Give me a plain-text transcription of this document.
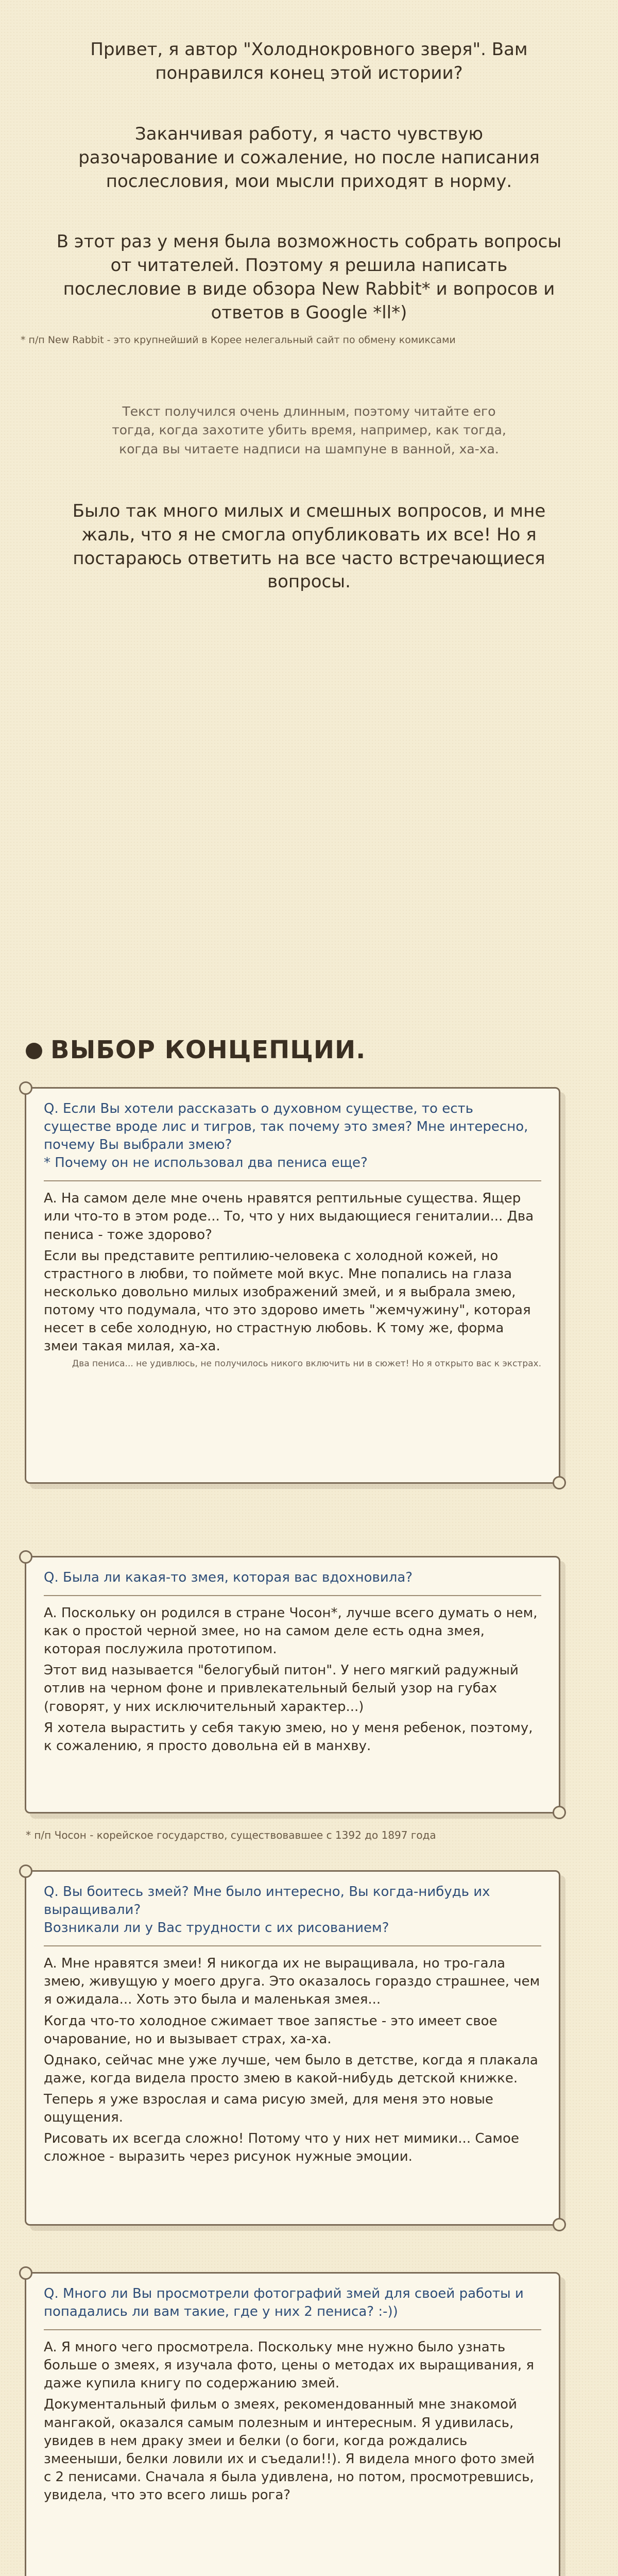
Привет, я автор "Холоднокровного зверя". Вам понравился конец этой истории?
Заканчивая работу, я часто чувствую разочарование и сожаление, но после написания послесловия, мои мысли приходят в норму.
В этот раз у меня была возможность собрать вопросы от читателей. Поэтому я решила написать послесловие в виде обзора New Rabbit* и вопросов и ответов в Google *ll*)
* п/п New Rabbit - это крупнейший в Корее нелегальный сайт по обмену комиксами
Текст получился очень длинным, поэтому читайте его тогда, когда захотите убить время, например, как тогда, когда вы читаете надписи на шампуне в ванной, ха-ха.
Было так много милых и смешных вопросов, и мне жаль, что я не смогла опубликовать их все! Но я постараюсь ответить на все часто встречающиеся вопросы.
ВЫБОР КОНЦЕПЦИИ.
Q. Если Вы хотели рассказать о духовном существе, то есть существе вроде лис и тигров, так почему это змея? Мне интересно, почему Вы выбрали змею?
* Почему он не использовал два пениса еще?

A. На самом деле мне очень нравятся рептильные существа. Ящер или что-то в этом роде... То, что у них выдающиеся гениталии... Два пениса - тоже здорово?

Если вы представите рептилию-человека с холодной кожей, но страстного в любви, то поймете мой вкус. Мне попались на глаза несколько довольно милых изображений змей, и я выбрала змею, потому что подумала, что это здорово иметь "жемчужину", которая несет в себе холодную, но страстную любовь. К тому же, форма змеи такая милая, ха-ха.

Два пениса... не удивлюсь, не получилось никого включить ни в сюжет! Но я открыто вас к экстрах.
Q. Была ли какая-то змея, которая вас вдохновила?

A. Поскольку он родился в стране Чосон*, лучше всего думать о нем, как о простой черной змее, но на самом деле есть одна змея, которая послужила прототипом.

Этот вид называется "белогубый питон". У него мягкий радужный отлив на черном фоне и привлекательный белый узор на губах (говорят, у них исключительный характер...)

Я хотела вырастить у себя такую змею, но у меня ребенок, поэтому, к сожалению, я просто довольна ей в манхву.

* п/п Чосон - корейское государство, существовавшее с 1392 до 1897 года
Q. Вы боитесь змей? Мне было интересно, Вы когда-нибудь их выращивали?
Возникали ли у Вас трудности с их рисованием?

A. Мне нравятся змеи! Я никогда их не выращивала, но тро-гала змею, живущую у моего друга. Это оказалось гораздо страшнее, чем я ожидала... Хоть это была и маленькая змея...

Когда что-то холодное сжимает твое запястье - это имеет свое очарование, но и вызывает страх, ха-ха.

Однако, сейчас мне уже лучше, чем было в детстве, когда я плакала даже, когда видела просто змею в какой-нибудь детской книжке.

Теперь я уже взрослая и сама рисую змей, для меня это новые ощущения.

Рисовать их всегда сложно! Потому что у них нет мимики... Самое сложное - выразить через рисунок нужные эмоции.

Q. Много ли Вы просмотрели фотографий змей для своей работы и попадались ли вам такие, где у них 2 пениса? :-))

A. Я много чего просмотрела. Поскольку мне нужно было узнать больше о змеях, я изучала фото, цены о методах их выращивания, я даже купила книгу по содержанию змей.

Документальный фильм о змеях, рекомендованный мне знакомой мангакой, оказался самым полезным и интересным. Я удивилась, увидев в нем драку змеи и белки (о боги, когда рождались змееныши, белки ловили их и съедали!!). Я видела много фото змей с 2 пенисами. Сначала я была удивлена, но потом, просмотревшись, увидела, что это всего лишь рога?
